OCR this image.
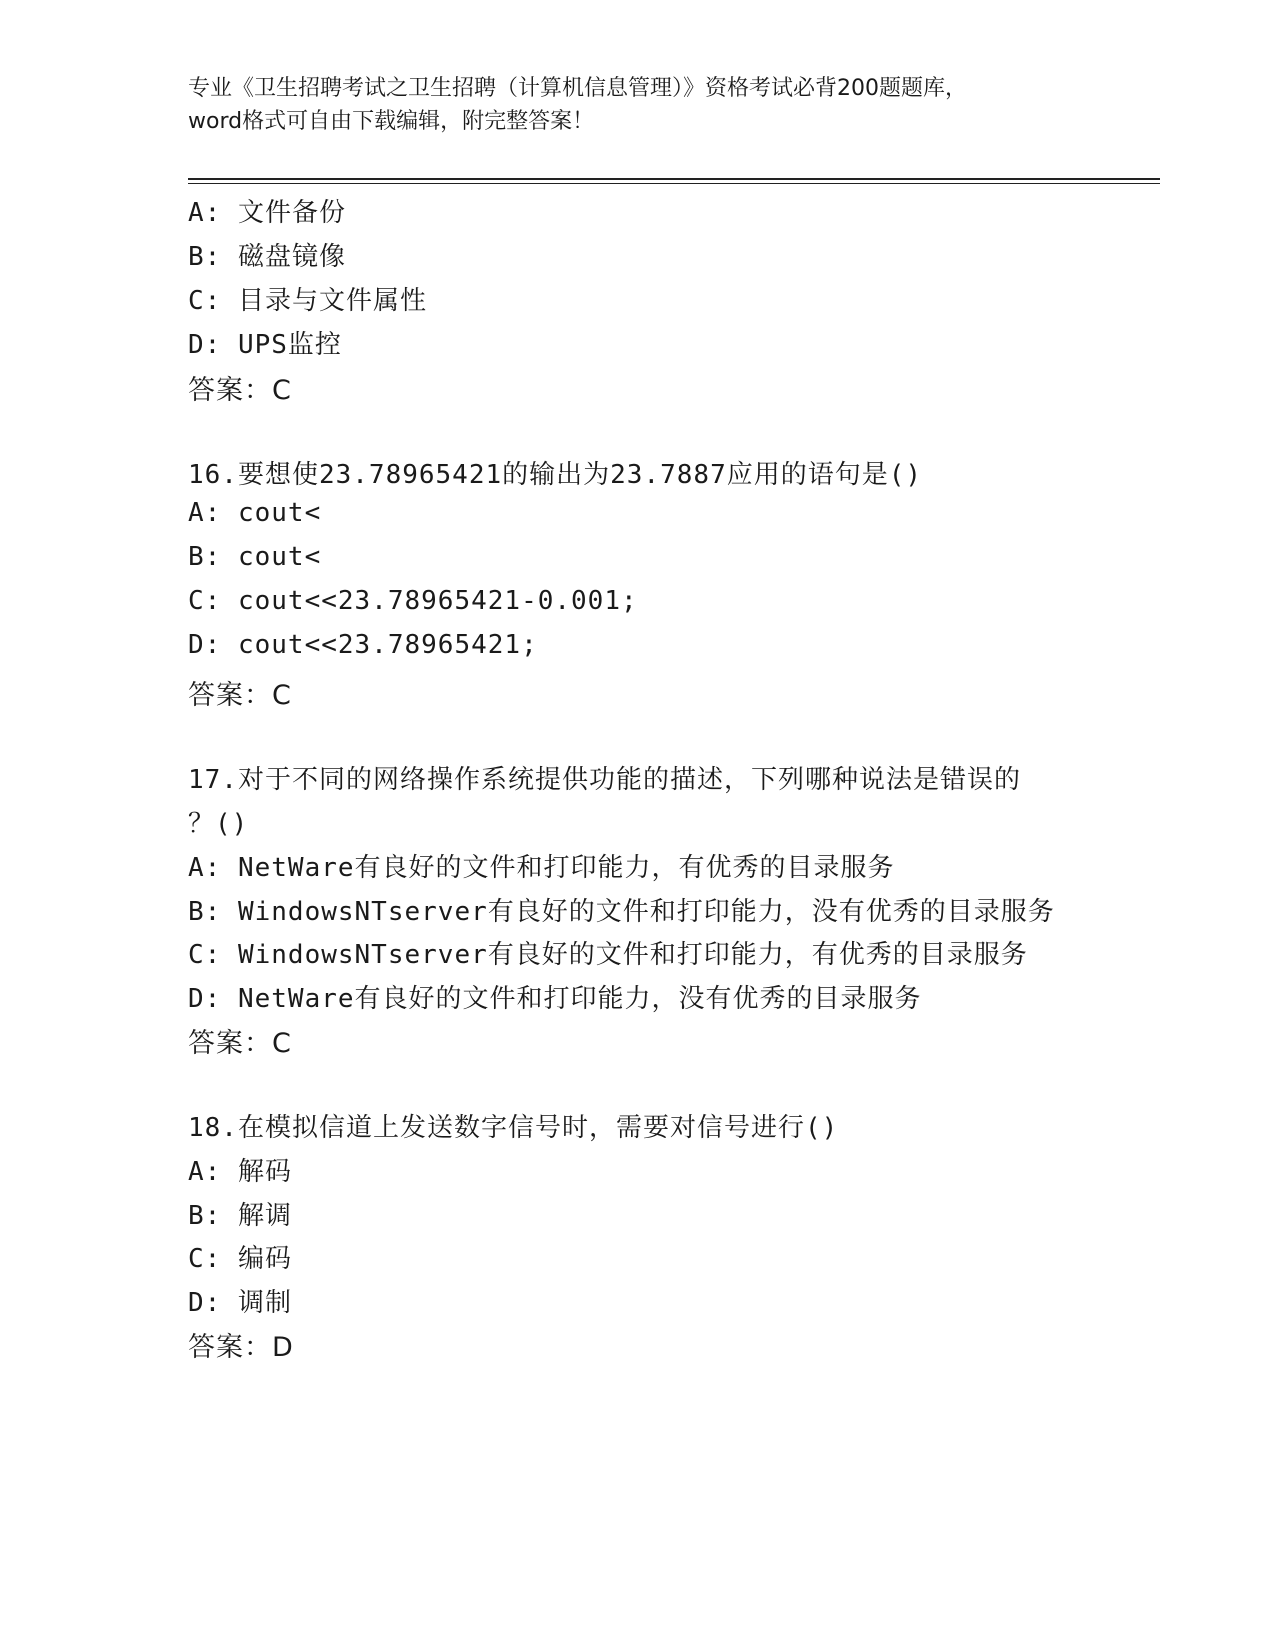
专业《卫生招聘考试之卫生招聘（计算机信息管理）》资格考试必背200题题库，
word格式可自由下载编辑，附完整答案！
A: 文件备份
B: 磁盘镜像
C: 目录与文件属性
D: UPS监控
答案：C
16.要想使23.78965421的输出为23.7887应用的语句是()
A: cout<
B: cout<
C: cout<<23.78965421-0.001;
D: cout<<23.78965421;
答案：C
17.对于不同的网络操作系统提供功能的描述，下列哪种说法是错误的
？()
A: NetWare有良好的文件和打印能力，有优秀的目录服务
B: WindowsNTserver有良好的文件和打印能力，没有优秀的目录服务
C: WindowsNTserver有良好的文件和打印能力，有优秀的目录服务
D: NetWare有良好的文件和打印能力，没有优秀的目录服务
答案：C
18.在模拟信道上发送数字信号时，需要对信号进行()
A: 解码
B: 解调
C: 编码
D: 调制
答案：D
